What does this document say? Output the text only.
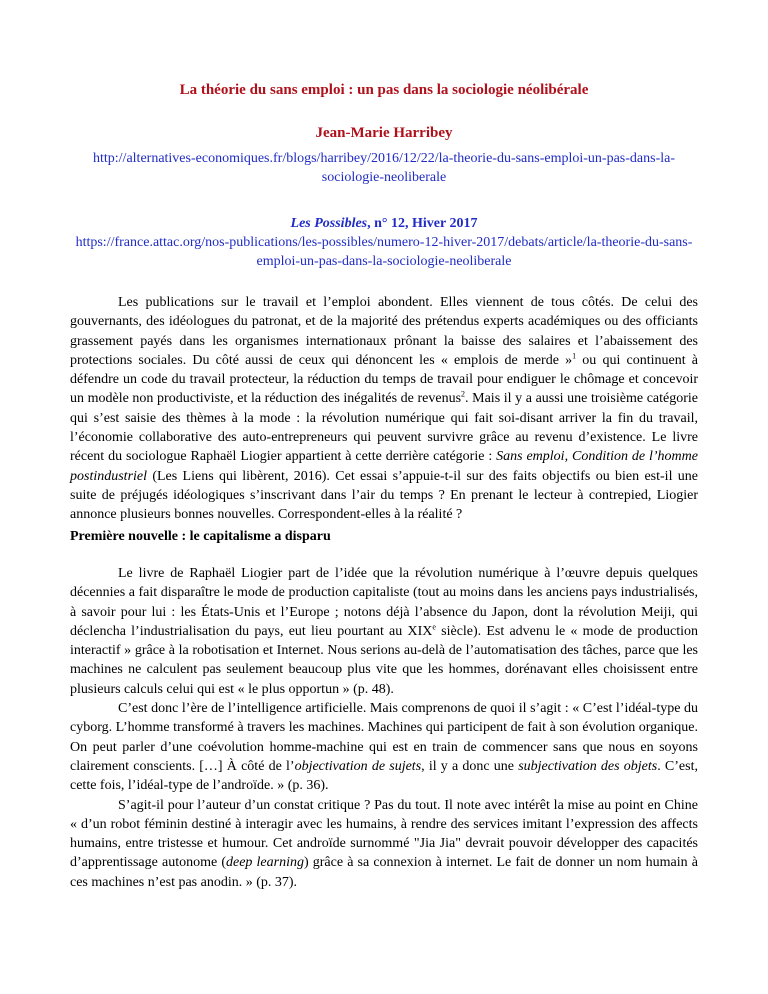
La théorie du sans emploi : un pas dans la sociologie néolibérale
Jean-Marie Harribey
http://alternatives-economiques.fr/blogs/harribey/2016/12/22/la-theorie-du-sans-emploi-un-pas-dans-la-sociologie-neoliberale
Les Possibles, n° 12, Hiver 2017
https://france.attac.org/nos-publications/les-possibles/numero-12-hiver-2017/debats/article/la-theorie-du-sans-emploi-un-pas-dans-la-sociologie-neoliberale

Les publications sur le travail et l’emploi abondent. Elles viennent de tous côtés. De celui des gouvernants, des idéologues du patronat, et de la majorité des prétendus experts académiques ou des officiants grassement payés dans les organismes internationaux prônant la baisse des salaires et l’abaissement des protections sociales. Du côté aussi de ceux qui dénoncent les « emplois de merde »$^1$ ou qui continuent à défendre un code du travail protecteur, la réduction du temps de travail pour endiguer le chômage et concevoir un modèle non productiviste, et la réduction des inégalités de revenus$^2$. Mais il y a aussi une troisième catégorie qui s’est saisie des thèmes à la mode : la révolution numérique qui fait soi-disant arriver la fin du travail, l’économie collaborative des auto-entrepreneurs qui peuvent survivre grâce au revenu d’existence. Le livre récent du sociologue Raphaël Liogier appartient à cette derrière catégorie : Sans emploi, Condition de l’homme postindustriel (Les Liens qui libèrent, 2016). Cet essai s’appuie-t-il sur des faits objectifs ou bien est-il une suite de préjugés idéologiques s’inscrivant dans l’air du temps ? En prenant le lecteur à contrepied, Liogier annonce plusieurs bonnes nouvelles. Correspondent-elles à la réalité ?

Première nouvelle : le capitalisme a disparu

Le livre de Raphaël Liogier part de l’idée que la révolution numérique à l’œuvre depuis quelques décennies a fait disparaître le mode de production capitaliste (tout au moins dans les anciens pays industrialisés, à savoir pour lui : les États-Unis et l’Europe ; notons déjà l’absence du Japon, dont la révolution Meiji, qui déclencha l’industrialisation du pays, eut lieu pourtant au XIXe siècle). Est advenu le « mode de production interactif » grâce à la robotisation et Internet. Nous serions au-delà de l’automatisation des tâches, parce que les machines ne calculent pas seulement beaucoup plus vite que les hommes, dorénavant elles choisissent entre plusieurs calculs celui qui est « le plus opportun » (p. 48).

C’est donc l’ère de l’intelligence artificielle. Mais comprenons de quoi il s’agit : « C’est l’idéal-type du cyborg. L’homme transformé à travers les machines. Machines qui participent de fait à son évolution organique. On peut parler d’une coévolution homme-machine qui est en train de commencer sans que nous en soyons clairement conscients. […] À côté de l’objectivation de sujets, il y a donc une subjectivation des objets. C’est, cette fois, l’idéal-type de l’androïde. » (p. 36).

S’agit-il pour l’auteur d’un constat critique ? Pas du tout. Il note avec intérêt la mise au point en Chine « d’un robot féminin destiné à interagir avec les humains, à rendre des services imitant l’expression des affects humains, entre tristesse et humour. Cet androïde surnommé "Jia Jia" devrait pouvoir développer des capacités d’apprentissage autonome (deep learning) grâce à sa connexion à internet. Le fait de donner un nom humain à ces machines n’est pas anodin. » (p. 37).
